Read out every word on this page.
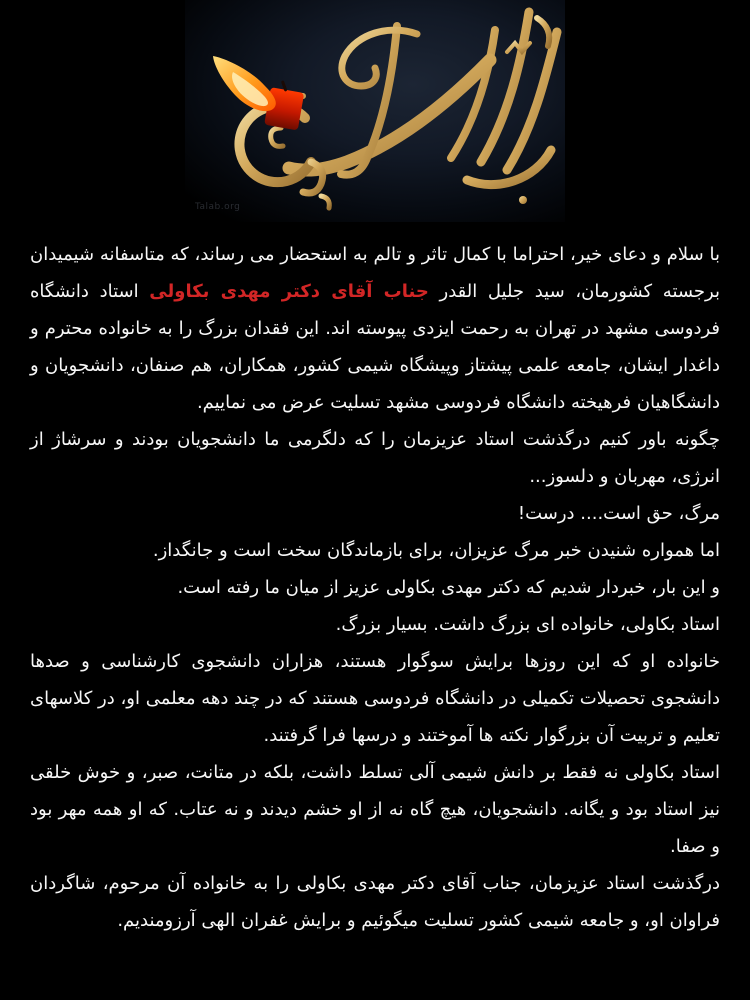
Talab.org

با سلام و دعای خیر، احتراما با کمال تاثر و تالم به استحضار می رساند، که متاسفانه شیمیدان برجسته کشورمان، سید جلیل القدر جناب آقای دکتر مهدی بکاولی استاد دانشگاه فردوسی مشهد در تهران به رحمت ایزدی پیوسته اند. این فقدان بزرگ را به خانواده محترم و داغدار ایشان، جامعه علمی پیشتاز وپیشگاه شیمی کشور، همکاران، هم صنفان، دانشجویان و دانشگاهیان فرهیخته دانشگاه فردوسی مشهد تسلیت عرض می نماییم.

چگونه باور کنیم درگذشت استاد عزیزمان را که دلگرمی ما دانشجویان بودند و سرشاژ از انرژی، مهربان و دلسوز...

مرگ، حق است.... درست!

اما همواره شنیدن خبر مرگ عزیزان، برای بازماندگان سخت است و جانگداز.

و این بار، خبردار شدیم که دکتر مهدی بکاولی عزیز از میان ما رفته است.

استاد بکاولی، خانواده ای بزرگ داشت. بسیار بزرگ.

خانواده او که این روزها برایش سوگوار هستند، هزاران دانشجوی کارشناسی و صدها دانشجوی تحصیلات تکمیلی در دانشگاه فردوسی هستند که در چند دهه معلمی او، در کلاسهای تعلیم و تربیت آن بزرگوار نکته ها آموختند و درسها فرا گرفتند.

استاد بکاولی نه فقط بر دانش شیمی آلی تسلط داشت، بلکه در متانت، صبر، و خوش خلقی نیز استاد بود و یگانه. دانشجویان، هیچ گاه نه از او خشم دیدند و نه عتاب. که او همه مهر بود و صفا.

درگذشت استاد عزیزمان، جناب آقای دکتر مهدی بکاولی را به خانواده آن مرحوم، شاگردان فراوان او، و جامعه شیمی کشور تسلیت میگوئیم و برایش غفران الهی آرزومندیم.
